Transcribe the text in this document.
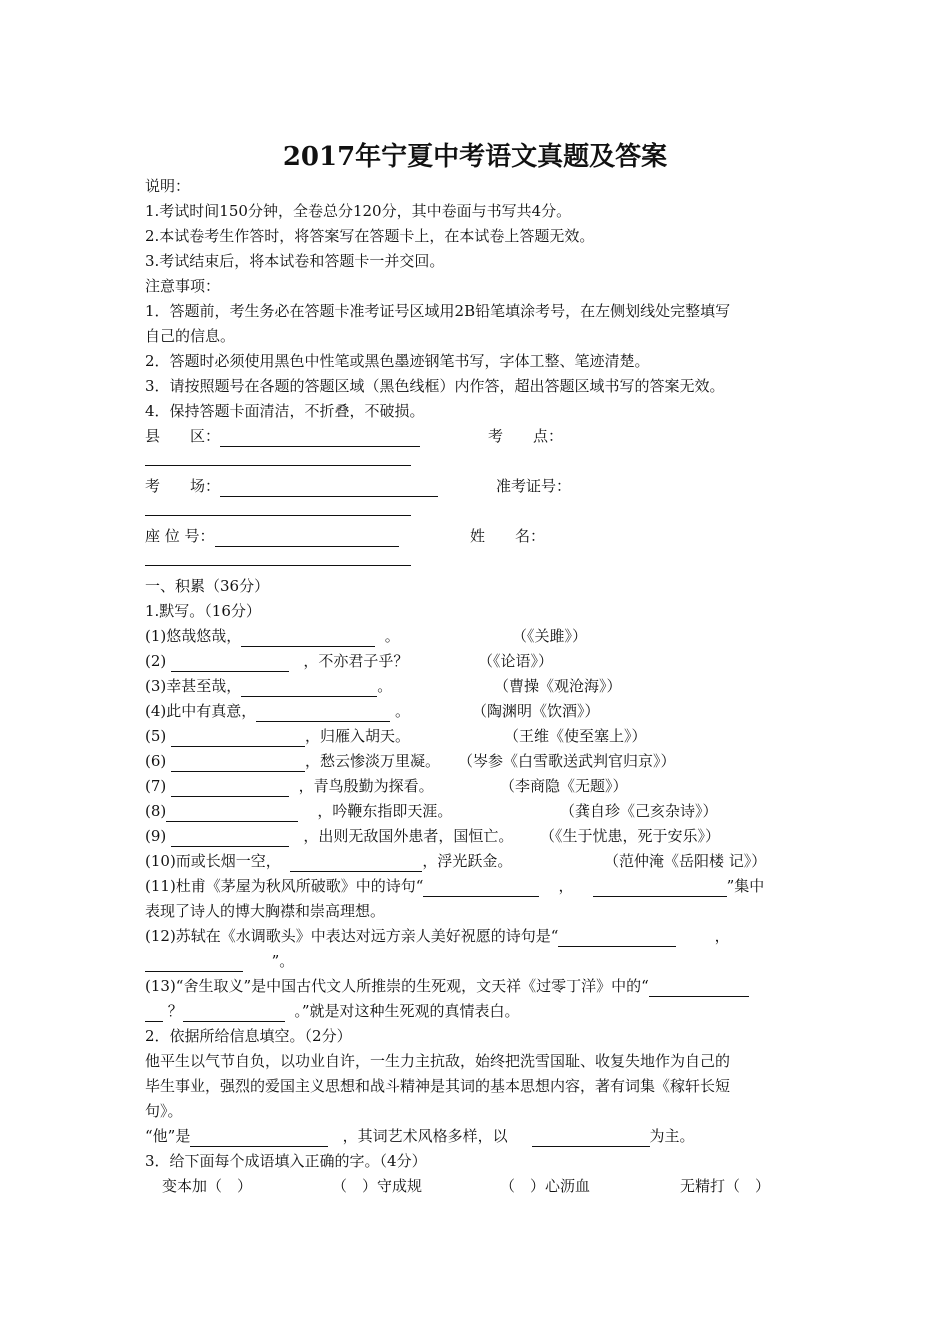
2017年宁夏中考语文真题及答案
说明：
1.考试时间150分钟，全卷总分120分，其中卷面与书写共4分。
2.本试卷考生作答时，将答案写在答题卡上，在本试卷上答题无效。
3.考试结束后，将本试卷和答题卡一并交回。
注意事项：
1．答题前，考生务必在答题卡准考证号区域用2B铅笔填涂考号，在左侧划线处完整填写
自己的信息。
2．答题时必须使用黑色中性笔或黑色墨迹钢笔书写，字体工整、笔迹清楚。
3．请按照题号在各题的答题区域（黑色线框）内作答，超出答题区域书写的答案无效。
4．保持答题卡面清洁，不折叠，不破损。
县　　区：	考　　点：
考　　场：	准考证号：
座 位 号：	姓　　名：
一、积累（36分）
1.默写。（16分）
(1)悠哉悠哉，	。	（《关雎》）
(2)	，不亦君子乎？	（《论语》）
(3)幸甚至哉，	。	（曹操《观沧海》）
(4)此中有真意，	。	（陶渊明《饮酒》）
(5)	，归雁入胡天。	（王维《使至塞上》）
(6)	，愁云惨淡万里凝。 （岑参《白雪歌送武判官归京》）
(7)	，青鸟殷勤为探看。	（李商隐《无题》）
(8)	，吟鞭东指即天涯。	（龚自珍《己亥杂诗》）
(9)	，出则无敌国外患者，国恒亡。 （《生于忧患，死于安乐》）
(10)而或长烟一空，	，浮光跃金。	（范仲淹《岳阳楼 记》）
(11)杜甫《茅屋为秋风所破歌》中的诗句“	，	”集中
表现了诗人的博大胸襟和崇高理想。
(12)苏轼在《水调歌头》中表达对远方亲人美好祝愿的诗句是“	，
”。
(13)“舍生取义”是中国古代文人所推崇的生死观，文天祥《过零丁洋》中的“
？	。”就是对这种生死观的真情表白。
2．依据所给信息填空。（2分）
他平生以气节自负，以功业自许，一生力主抗敌，始终把洗雪国耻、收复失地作为自己的
毕生事业，强烈的爱国主义思想和战斗精神是其词的基本思想内容，著有词集《稼轩长短
句》。
“他”是	，其词艺术风格多样，以	为主。
3．给下面每个成语填入正确的字。（4分）
变本加（　）	（　）守成规	（　）心沥血	无精打（　）
